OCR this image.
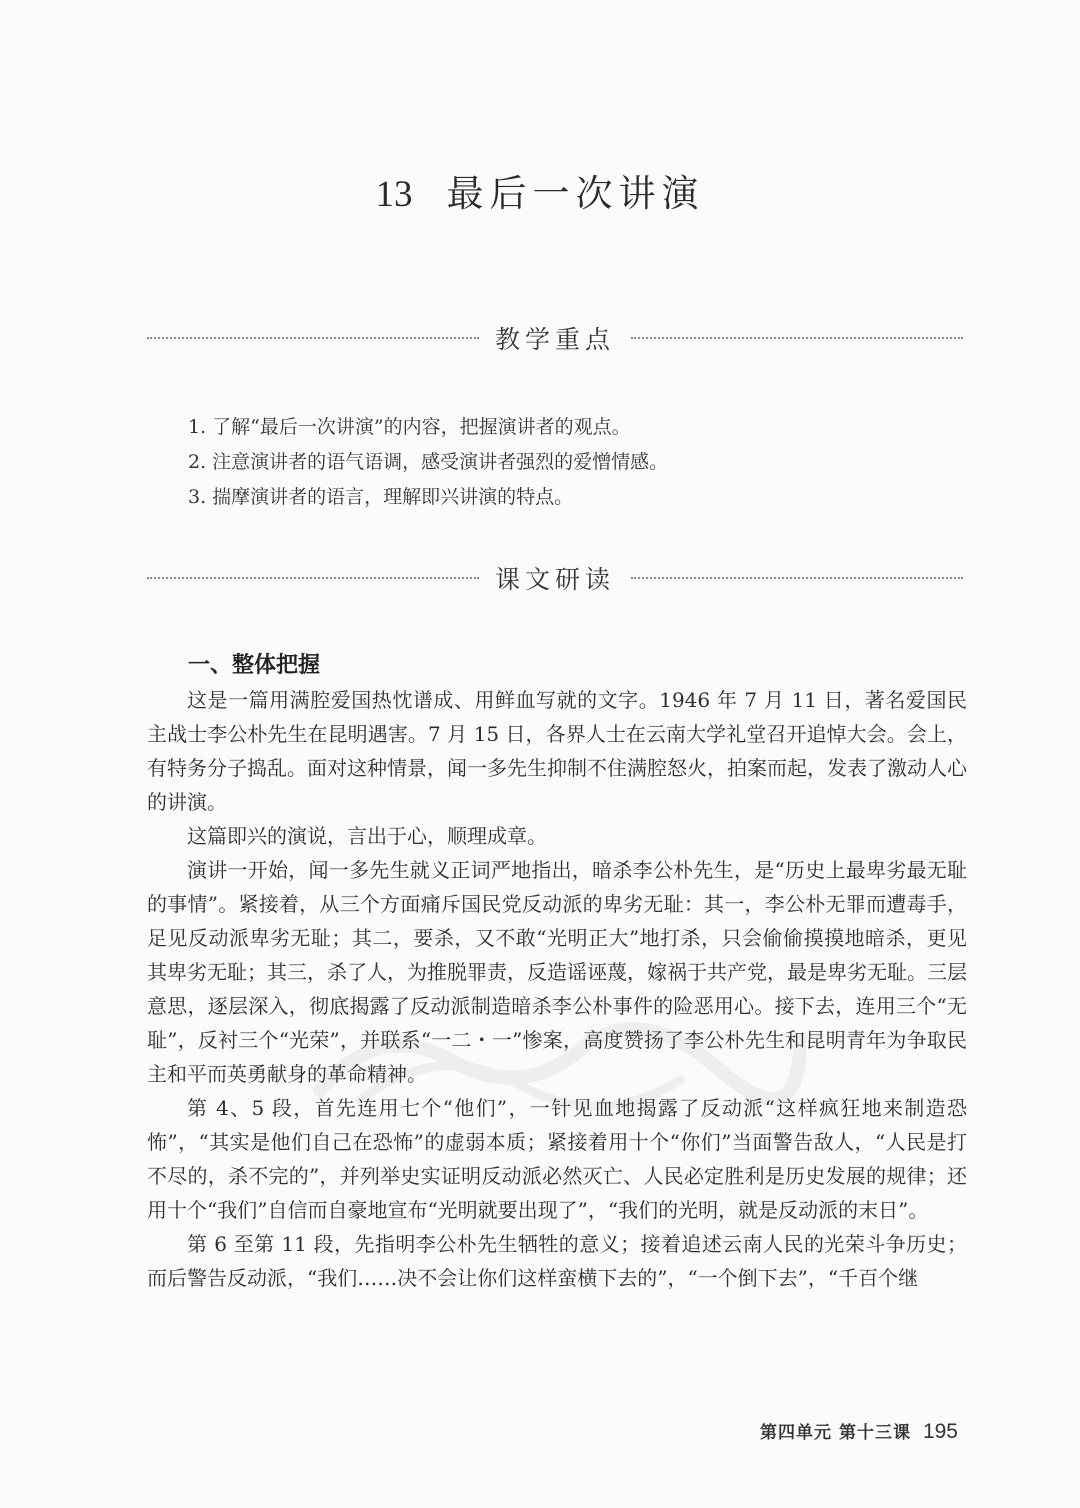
13 最后一次讲演
教学重点
1. 了解“最后一次讲演”的内容，把握演讲者的观点。
2. 注意演讲者的语气语调，感受演讲者强烈的爱憎情感。
3. 揣摩演讲者的语言，理解即兴讲演的特点。
课文研读
一、整体把握

这是一篇用满腔爱国热忱谱成、用鲜血写就的文字。1946 年 7 月 11 日，著名爱国民主战士李公朴先生在昆明遇害。7 月 15 日，各界人士在云南大学礼堂召开追悼大会。会上，有特务分子捣乱。面对这种情景，闻一多先生抑制不住满腔怒火，拍案而起，发表了激动人心的讲演。

这篇即兴的演说，言出于心，顺理成章。

演讲一开始，闻一多先生就义正词严地指出，暗杀李公朴先生，是“历史上最卑劣最无耻的事情”。紧接着，从三个方面痛斥国民党反动派的卑劣无耻：其一，李公朴无罪而遭毒手，足见反动派卑劣无耻；其二，要杀，又不敢“光明正大”地打杀，只会偷偷摸摸地暗杀，更见其卑劣无耻；其三，杀了人，为推脱罪责，反造谣诬蔑，嫁祸于共产党，最是卑劣无耻。三层意思，逐层深入，彻底揭露了反动派制造暗杀李公朴事件的险恶用心。接下去，连用三个“无耻”，反衬三个“光荣”，并联系“一二・一”惨案，高度赞扬了李公朴先生和昆明青年为争取民主和平而英勇献身的革命精神。

第 4、5 段，首先连用七个“他们”，一针见血地揭露了反动派“这样疯狂地来制造恐怖”，“其实是他们自己在恐怖”的虚弱本质；紧接着用十个“你们”当面警告敌人，“人民是打不尽的，杀不完的”，并列举史实证明反动派必然灭亡、人民必定胜利是历史发展的规律；还用十个“我们”自信而自豪地宣布“光明就要出现了”，“我们的光明，就是反动派的末日”。

第 6 至第 11 段，先指明李公朴先生牺牲的意义；接着追述云南人民的光荣斗争历史；而后警告反动派，“我们……决不会让你们这样蛮横下去的”，“一个倒下去”，“千百个继

第四单元 第十三课 195
